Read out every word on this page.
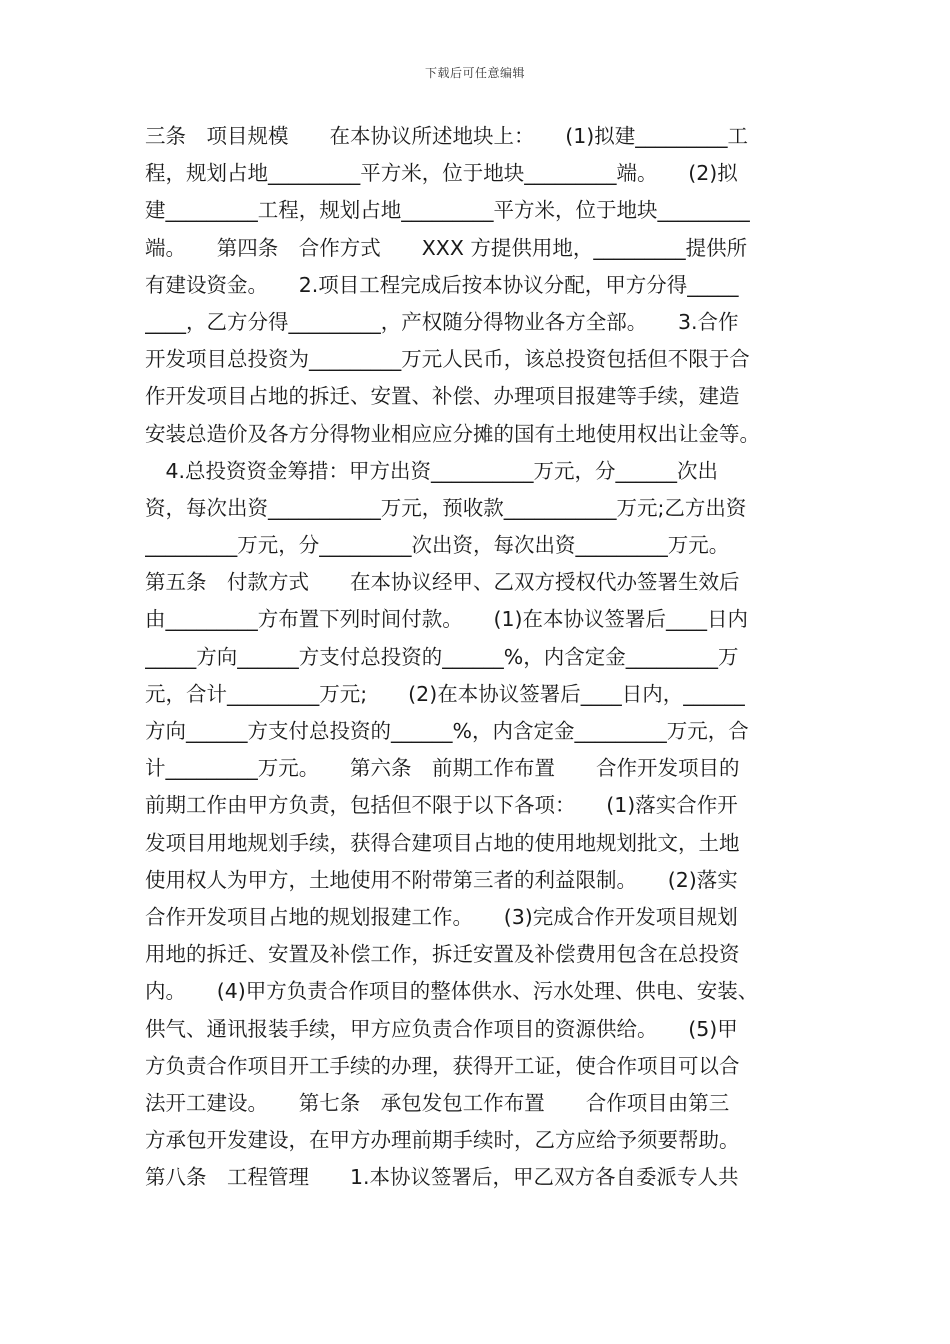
下载后可任意编辑
三条　项目规模　　在本协议所述地块上：　　(1)拟建_________工
程，规划占地_________平方米，位于地块_________端。　　(2)拟
建_________工程，规划占地_________平方米，位于地块_________
端。　　第四条　合作方式　　XXX 方提供用地，_________提供所
有建设资金。　　2.项目工程完成后按本协议分配，甲方分得_____
____，乙方分得_________，产权随分得物业各方全部。　　3.合作
开发项目总投资为_________万元人民币，该总投资包括但不限于合
作开发项目占地的拆迁、安置、补偿、办理项目报建等手续，建造
安装总造价及各方分得物业相应应分摊的国有土地使用权出让金等。
　4.总投资资金筹措：甲方出资__________万元，分______次出
资，每次出资___________万元，预收款___________万元;乙方出资
_________万元，分_________次出资，每次出资_________万元。
第五条　付款方式　　在本协议经甲、乙双方授权代办签署生效后
由_________方布置下列时间付款。　　(1)在本协议签署后____日内
_____方向______方支付总投资的______%，内含定金_________万
元，合计_________万元;　　(2)在本协议签署后____日内，______
方向______方支付总投资的______%，内含定金_________万元，合
计_________万元。　　第六条　前期工作布置　　合作开发项目的
前期工作由甲方负责，包括但不限于以下各项：　　(1)落实合作开
发项目用地规划手续，获得合建项目占地的使用地规划批文，土地
使用权人为甲方，土地使用不附带第三者的利益限制。　　(2)落实
合作开发项目占地的规划报建工作。　　(3)完成合作开发项目规划
用地的拆迁、安置及补偿工作，拆迁安置及补偿费用包含在总投资
内。　　(4)甲方负责合作项目的整体供水、污水处理、供电、安装、
供气、通讯报装手续，甲方应负责合作项目的资源供给。　　(5)甲
方负责合作项目开工手续的办理，获得开工证，使合作项目可以合
法开工建设。　　第七条　承包发包工作布置　　合作项目由第三
方承包开发建设，在甲方办理前期手续时，乙方应给予须要帮助。
第八条　工程管理　　1.本协议签署后，甲乙双方各自委派专人共
